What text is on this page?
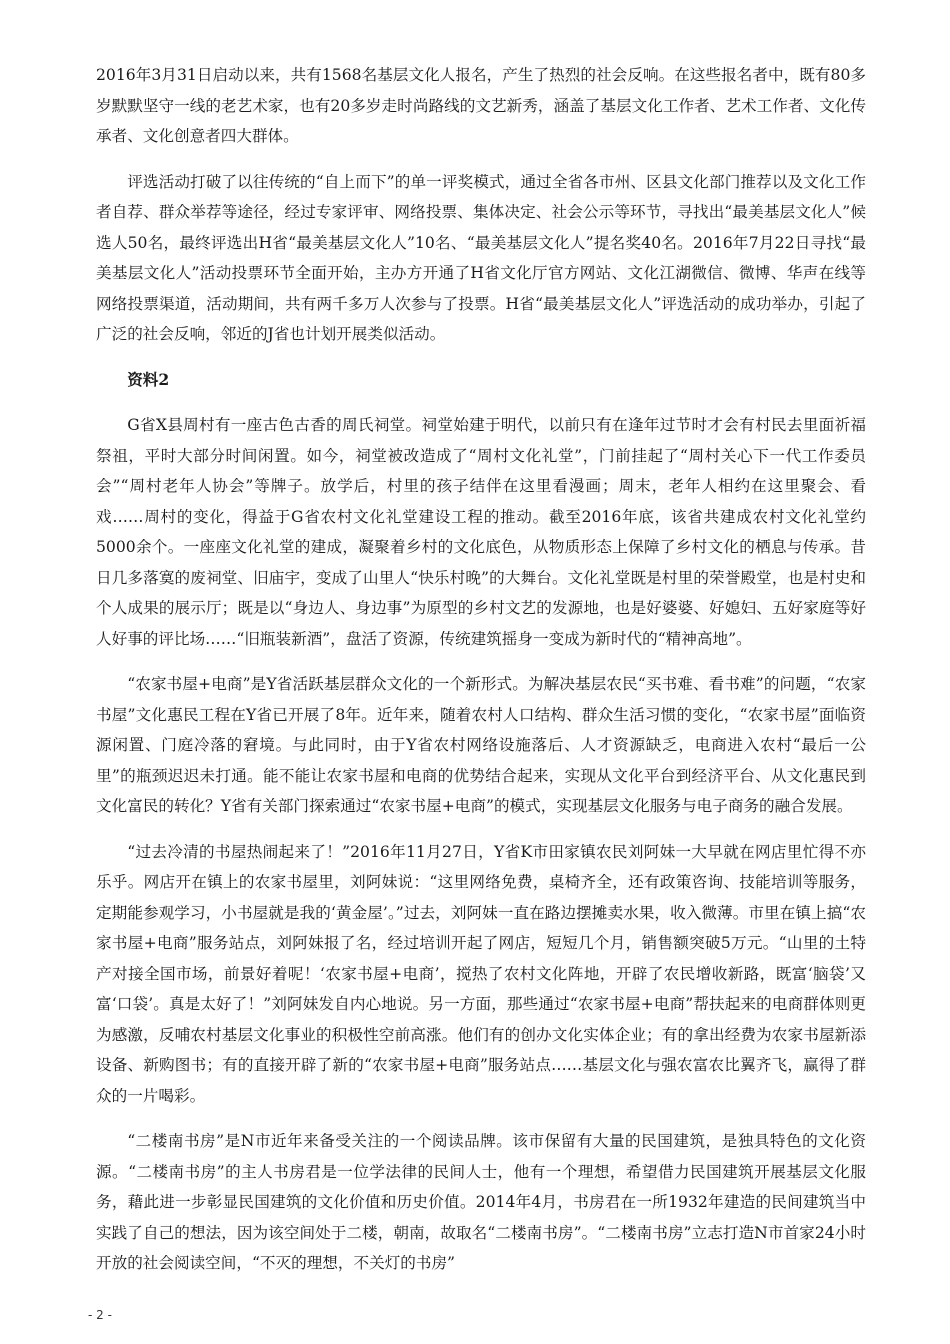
2016年3月31日启动以来，共有1568名基层文化人报名，产生了热烈的社会反响。在这些报名者中，既有80多岁默默坚守一线的老艺术家，也有20多岁走时尚路线的文艺新秀，涵盖了基层文化工作者、艺术工作者、文化传承者、文化创意者四大群体。

评选活动打破了以往传统的“自上而下”的单一评奖模式，通过全省各市州、区县文化部门推荐以及文化工作者自荐、群众举荐等途径，经过专家评审、网络投票、集体决定、社会公示等环节，寻找出“最美基层文化人”候选人50名，最终评选出H省“最美基层文化人”10名、“最美基层文化人”提名奖40名。2016年7月22日寻找“最美基层文化人”活动投票环节全面开始，主办方开通了H省文化厅官方网站、文化江湖微信、微博、华声在线等网络投票渠道，活动期间，共有两千多万人次参与了投票。H省“最美基层文化人”评选活动的成功举办，引起了广泛的社会反响，邻近的J省也计划开展类似活动。

资料2

G省X县周村有一座古色古香的周氏祠堂。祠堂始建于明代，以前只有在逢年过节时才会有村民去里面祈福祭祖，平时大部分时间闲置。如今，祠堂被改造成了“周村文化礼堂”，门前挂起了“周村关心下一代工作委员会”“周村老年人协会”等牌子。放学后，村里的孩子结伴在这里看漫画；周末，老年人相约在这里聚会、看戏……周村的变化，得益于G省农村文化礼堂建设工程的推动。截至2016年底，该省共建成农村文化礼堂约5000余个。一座座文化礼堂的建成，凝聚着乡村的文化底色，从物质形态上保障了乡村文化的栖息与传承。昔日几多落寞的废祠堂、旧庙宇，变成了山里人“快乐村晚”的大舞台。文化礼堂既是村里的荣誉殿堂，也是村史和个人成果的展示厅；既是以“身边人、身边事”为原型的乡村文艺的发源地，也是好婆婆、好媳妇、五好家庭等好人好事的评比场……“旧瓶装新酒”，盘活了资源，传统建筑摇身一变成为新时代的“精神高地”。

“农家书屋+电商”是Y省活跃基层群众文化的一个新形式。为解决基层农民“买书难、看书难”的问题，“农家书屋”文化惠民工程在Y省已开展了8年。近年来，随着农村人口结构、群众生活习惯的变化，“农家书屋”面临资源闲置、门庭冷落的窘境。与此同时，由于Y省农村网络设施落后、人才资源缺乏，电商进入农村“最后一公里”的瓶颈迟迟未打通。能不能让农家书屋和电商的优势结合起来，实现从文化平台到经济平台、从文化惠民到文化富民的转化？Y省有关部门探索通过“农家书屋+电商”的模式，实现基层文化服务与电子商务的融合发展。

“过去冷清的书屋热闹起来了！”2016年11月27日，Y省K市田家镇农民刘阿妹一大早就在网店里忙得不亦乐乎。网店开在镇上的农家书屋里，刘阿妹说：“这里网络免费，桌椅齐全，还有政策咨询、技能培训等服务，定期能参观学习，小书屋就是我的‘黄金屋’。”过去，刘阿妹一直在路边摆摊卖水果，收入微薄。市里在镇上搞“农家书屋+电商”服务站点，刘阿妹报了名，经过培训开起了网店，短短几个月，销售额突破5万元。“山里的土特产对接全国市场，前景好着呢！‘农家书屋+电商’，搅热了农村文化阵地，开辟了农民增收新路，既富‘脑袋’又富‘口袋’。真是太好了！”刘阿妹发自内心地说。另一方面，那些通过“农家书屋+电商”帮扶起来的电商群体则更为感激，反哺农村基层文化事业的积极性空前高涨。他们有的创办文化实体企业；有的拿出经费为农家书屋新添设备、新购图书；有的直接开辟了新的“农家书屋+电商”服务站点……基层文化与强农富农比翼齐飞，赢得了群众的一片喝彩。

“二楼南书房”是N市近年来备受关注的一个阅读品牌。该市保留有大量的民国建筑，是独具特色的文化资源。“二楼南书房”的主人书房君是一位学法律的民间人士，他有一个理想，希望借力民国建筑开展基层文化服务，藉此进一步彰显民国建筑的文化价值和历史价值。2014年4月，书房君在一所1932年建造的民间建筑当中实践了自己的想法，因为该空间处于二楼，朝南，故取名“二楼南书房”。“二楼南书房”立志打造N市首家24小时开放的社会阅读空间，“不灭的理想，不关灯的书房”

- 2 -
